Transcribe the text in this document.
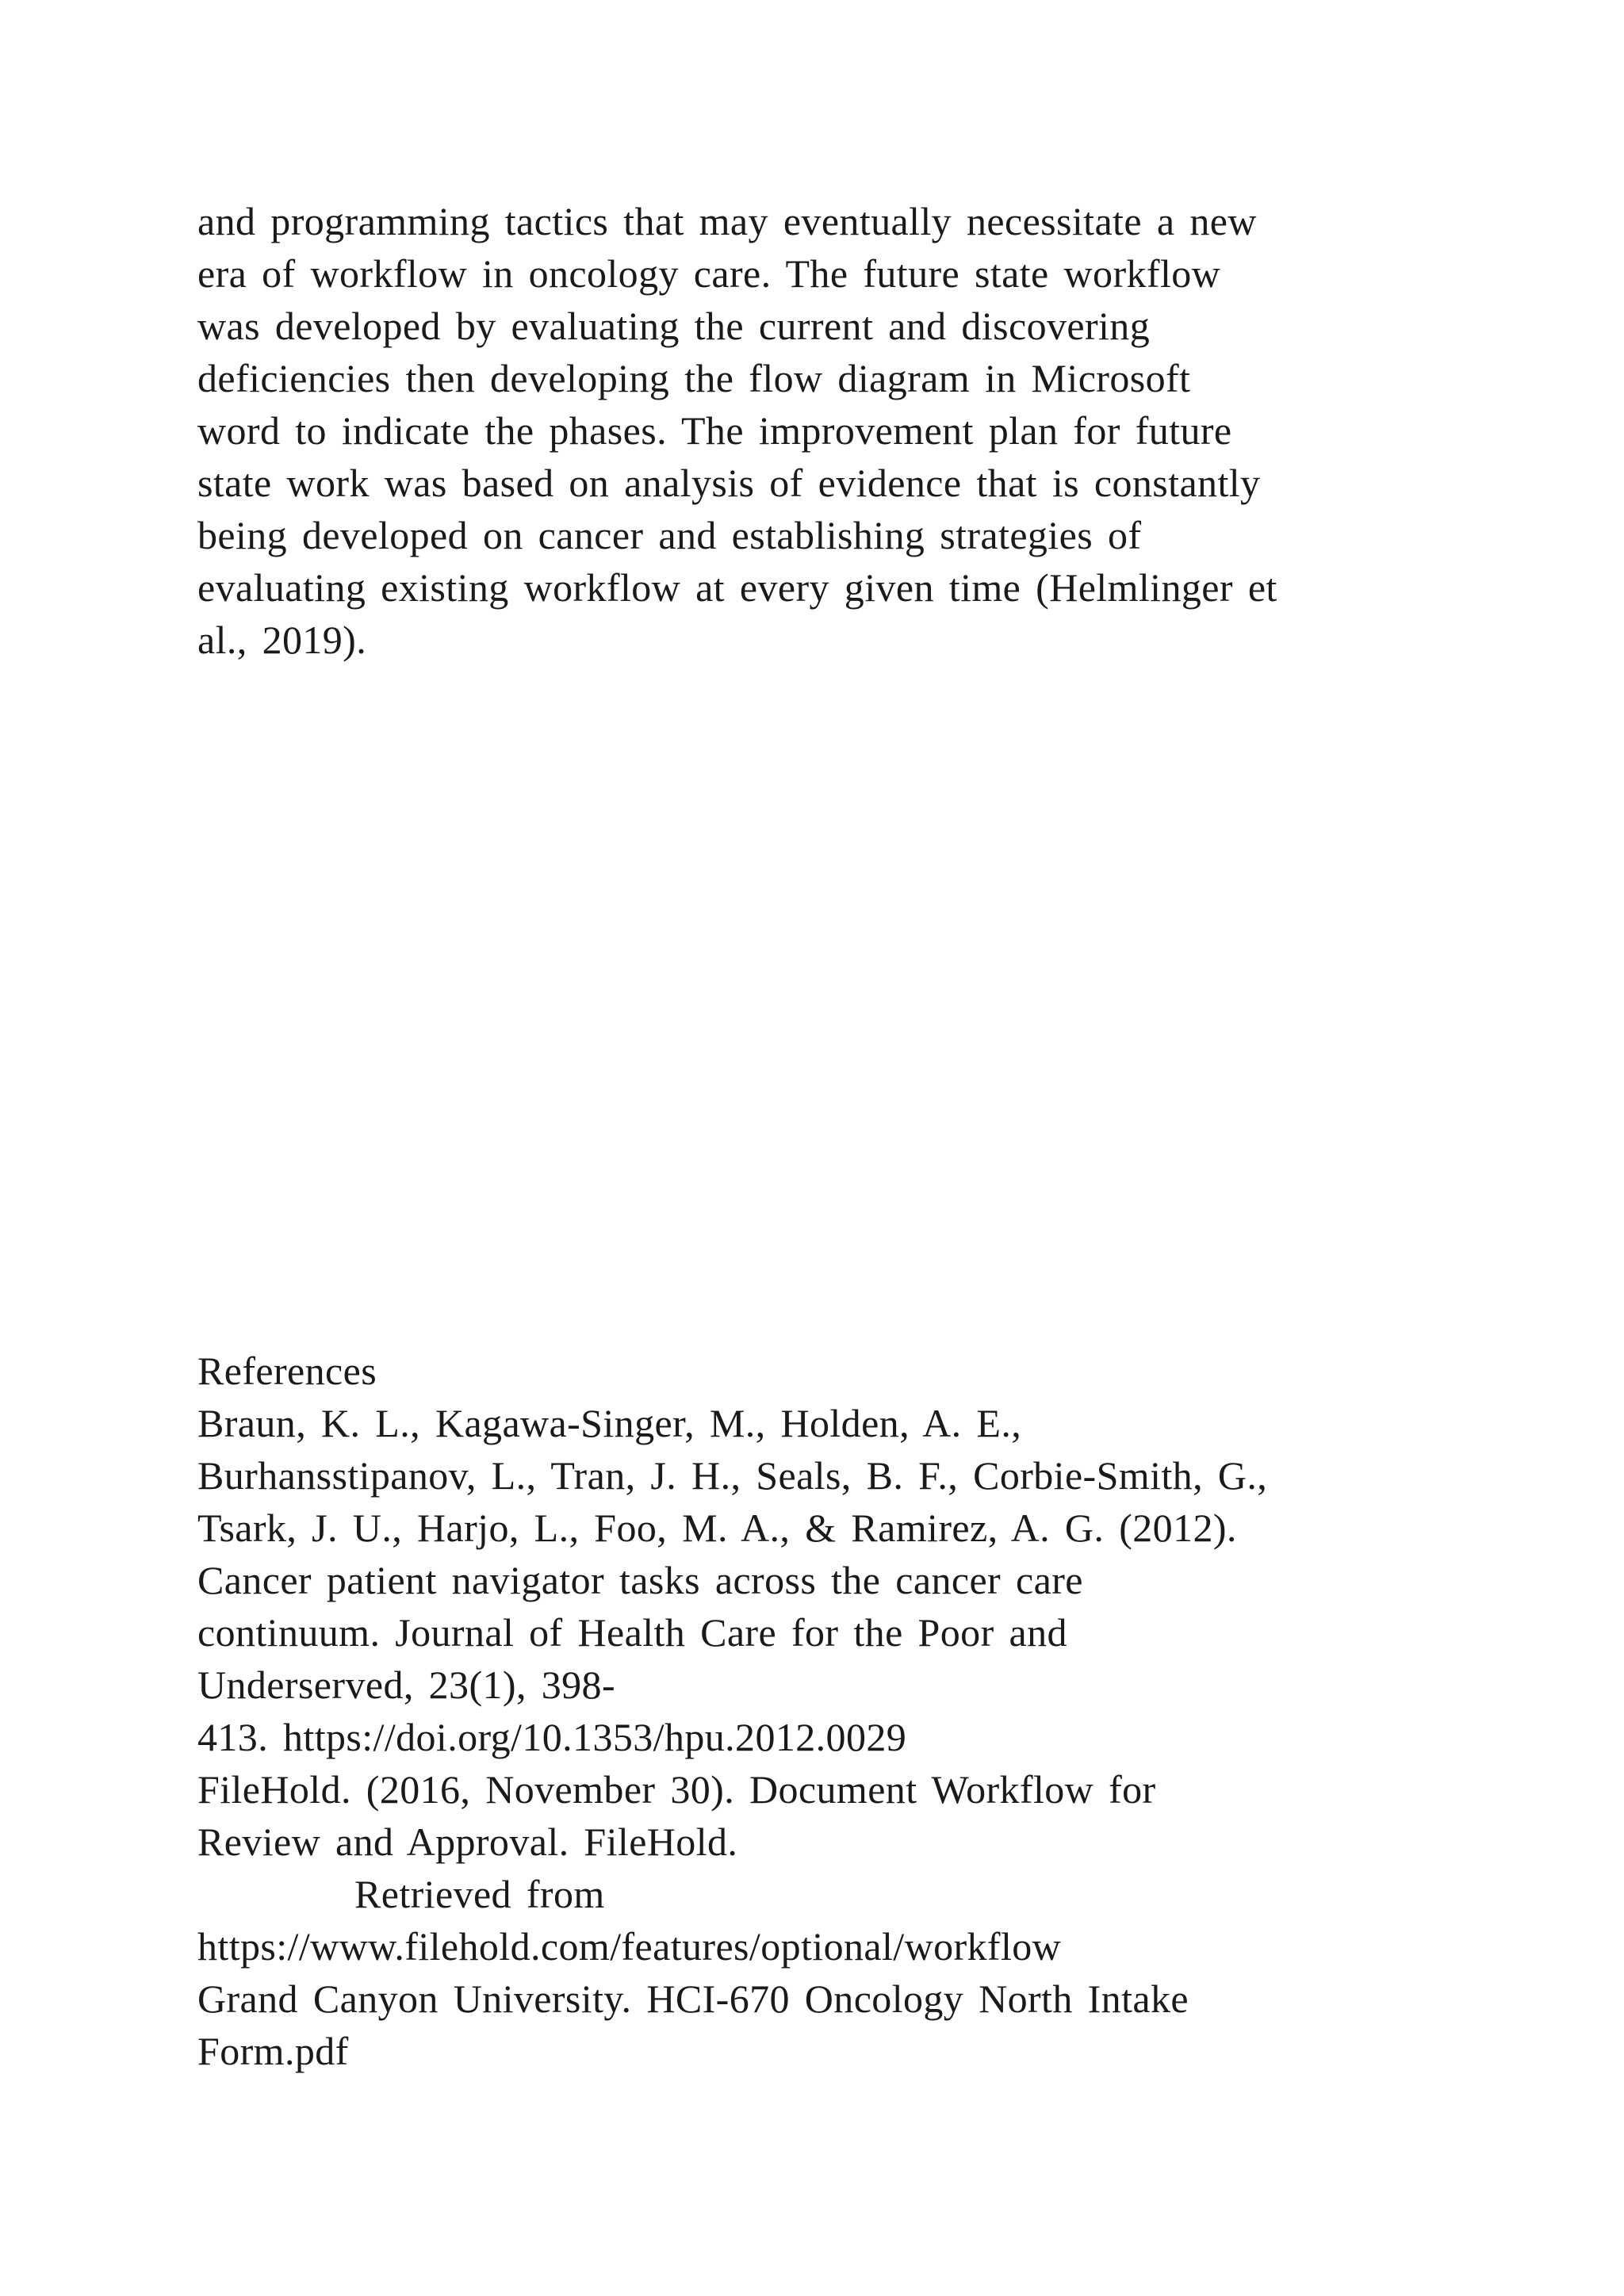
and programming tactics that may eventually necessitate a new
era of workflow in oncology care. The future state workflow
was developed by evaluating the current and discovering
deficiencies then developing the flow diagram in Microsoft
word to indicate the phases. The improvement plan for future
state work was based on analysis of evidence that is constantly
being developed on cancer and establishing strategies of
evaluating existing workflow at every given time (Helmlinger et
al., 2019).
References
Braun, K. L., Kagawa-Singer, M., Holden, A. E.,
Burhansstipanov, L., Tran, J. H., Seals, B. F., Corbie-Smith, G.,
Tsark, J. U., Harjo, L., Foo, M. A., & Ramirez, A. G. (2012).
Cancer patient navigator tasks across the cancer care
continuum. Journal of Health Care for the Poor and
Underserved, 23(1), 398-
413. https://doi.org/10.1353/hpu.2012.0029
FileHold. (2016, November 30). Document Workflow for
Review and Approval. FileHold.
Retrieved from
https://www.filehold.com/features/optional/workflow
Grand Canyon University. HCI-670 Oncology North Intake
Form.pdf
